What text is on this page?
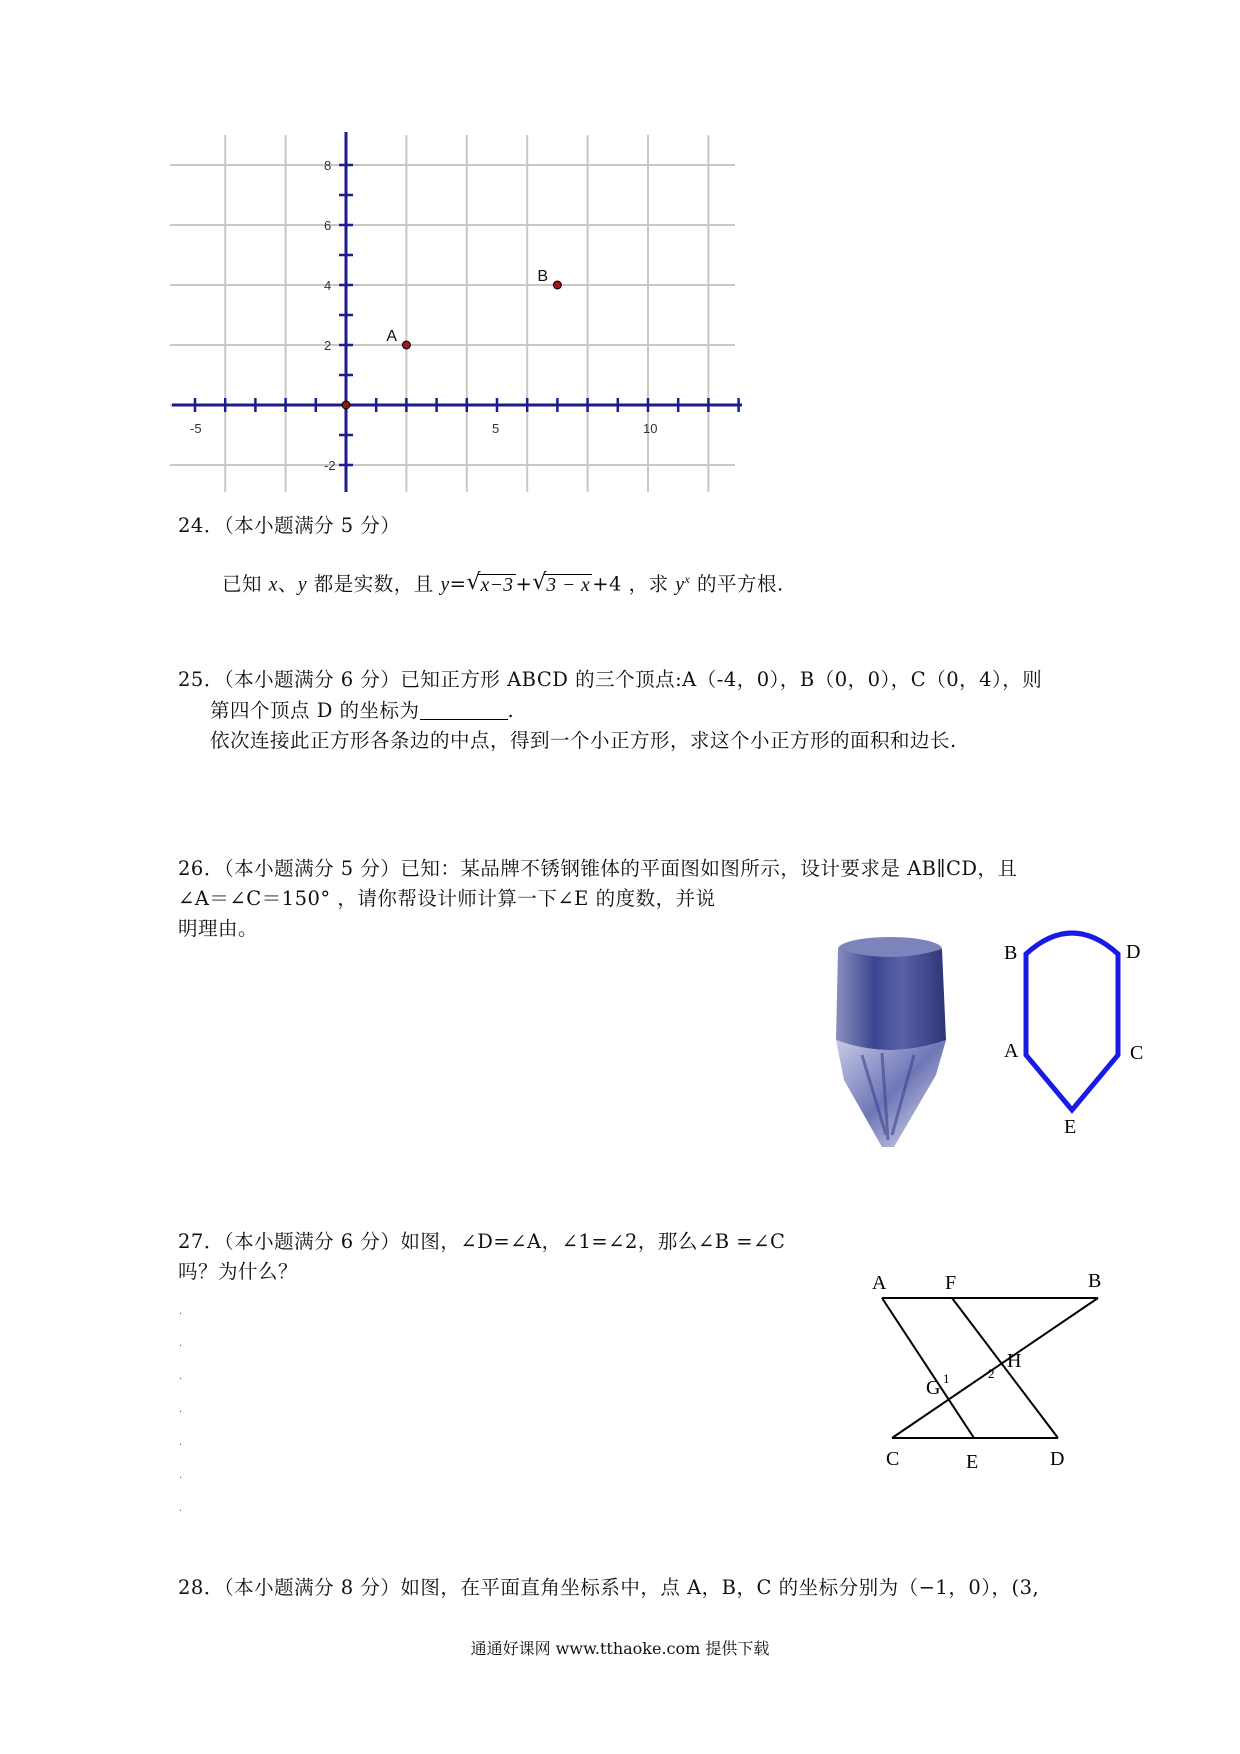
-5	5	10
8
6
4
2
-2
A
B
24．（本小题满分 5 分）
已知 x、y 都是实数，且 y= √ x−3 + √ 3 − x +4 ，求 $y^x$ 的平方根.
25．（本小题满分 6 分）已知正方形 ABCD 的三个顶点:A（-4，0），B（0，0），C（0，4），则
第四个顶点 D 的坐标为	.
依次连接此正方形各条边的中点，得到一个小正方形，求这个小正方形的面积和边长.
26．（本小题满分 5 分）已知：某品牌不锈钢锥体的平面图如图所示，设计要求是 AB∥CD，且
∠A＝∠C＝150° ，请你帮设计师计算一下∠E 的度数，并说
明理由。
B	D
A	C
E
27．（本小题满分 6 分）如图，∠D=∠A，∠1=∠2，那么∠B =∠C
吗？为什么？
.
.
.
.
.
.
.
A	F	B
H
G 1	2
C	E	D
28．（本小题满分 8 分）如图，在平面直角坐标系中，点 A，B，C 的坐标分别为（−1，0），(3,
通通好课网 www.tthaoke.com 提供下载
